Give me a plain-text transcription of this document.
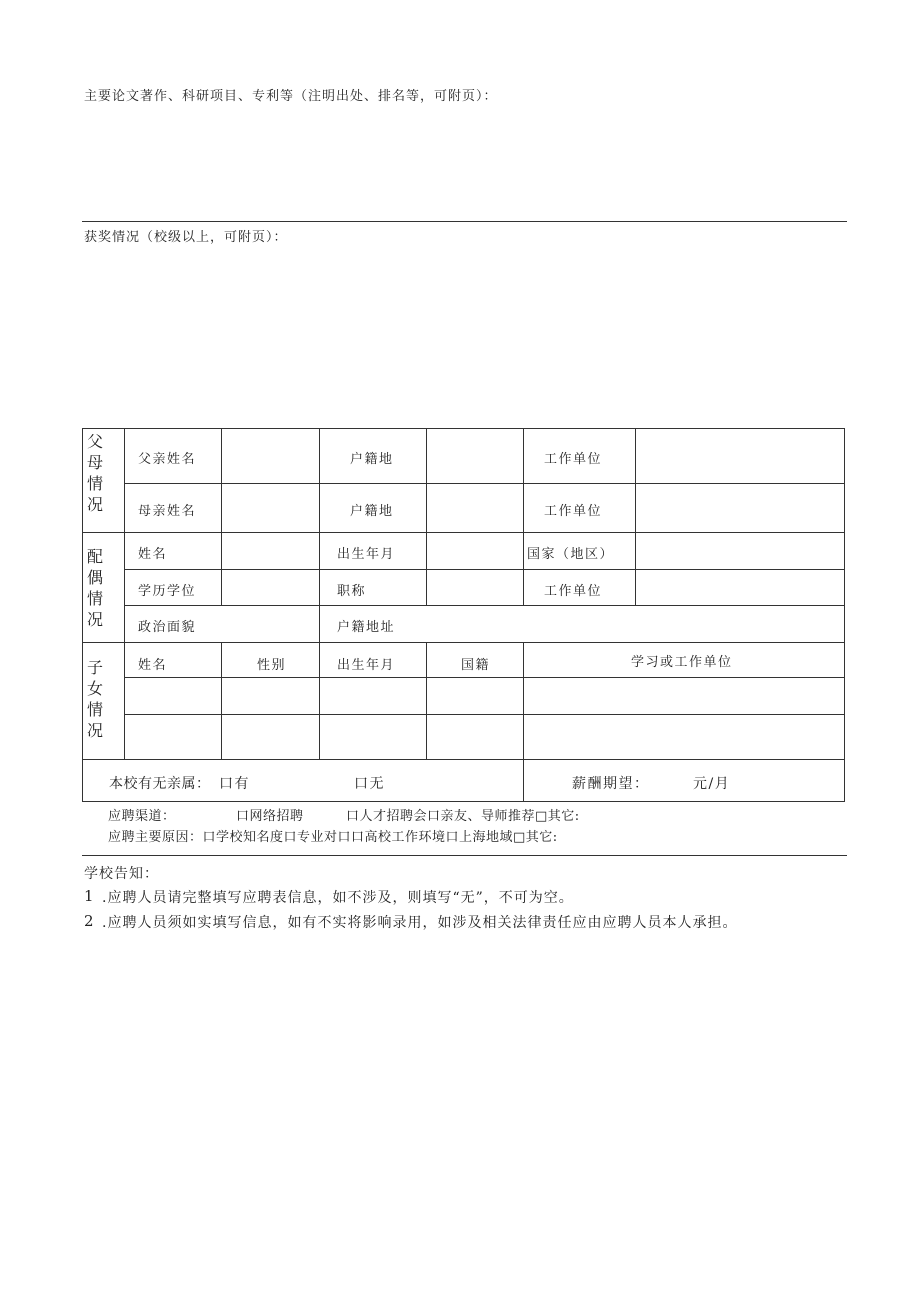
主要论文著作、科研项目、专利等（注明出处、排名等，可附页）：
获奖情况（校级以上，可附页）：
父母情况
父亲姓名	户籍地	工作单位
母亲姓名	户籍地	工作单位
配偶情况
姓名	出生年月	国家（地区）
学历学位	职称	工作单位
政治面貌	户籍地址
子女情况
姓名	性别	出生年月	国籍	学习或工作单位
本校有无亲属： 口有	口无	薪酬期望：	元/月
应聘渠道：	口网络招聘	口人才招聘会口亲友、导师推荐□其它:
应聘主要原因：口学校知名度口专业对口口高校工作环境口上海地域□其它:
学校告知：
1 .应聘人员请完整填写应聘表信息，如不涉及，则填写“无”，不可为空。
2 .应聘人员须如实填写信息，如有不实将影响录用，如涉及相关法律责任应由应聘人员本人承担。
